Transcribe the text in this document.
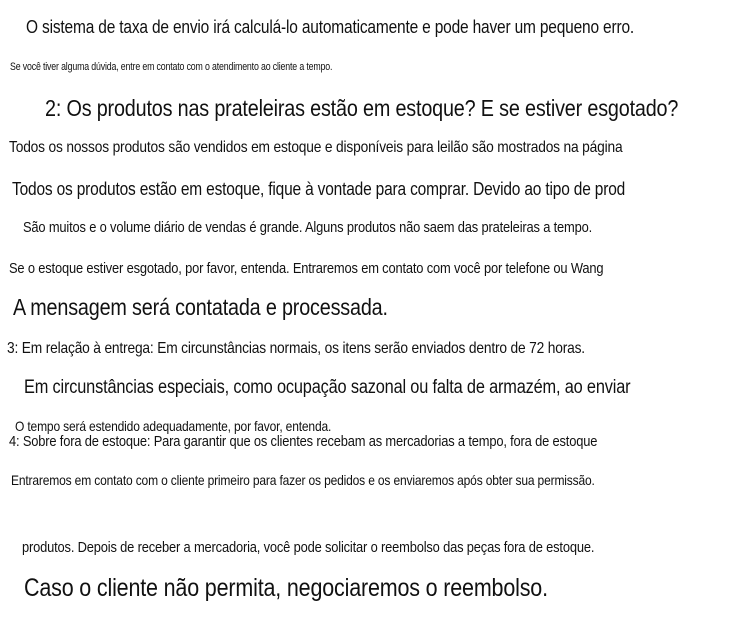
O sistema de taxa de envio irá calculá-lo automaticamente e pode haver um pequeno erro.
Se você tiver alguma dúvida, entre em contato com o atendimento ao cliente a tempo.
2: Os produtos nas prateleiras estão em estoque? E se estiver esgotado?
Todos os nossos produtos são vendidos em estoque e disponíveis para leilão são mostrados na página
Todos os produtos estão em estoque, fique à vontade para comprar. Devido ao tipo de prod
São muitos e o volume diário de vendas é grande. Alguns produtos não saem das prateleiras a tempo.
Se o estoque estiver esgotado, por favor, entenda. Entraremos em contato com você por telefone ou Wang
A mensagem será contatada e processada.
3: Em relação à entrega: Em circunstâncias normais, os itens serão enviados dentro de 72 horas.
Em circunstâncias especiais, como ocupação sazonal ou falta de armazém, ao enviar
O tempo será estendido adequadamente, por favor, entenda.
4: Sobre fora de estoque: Para garantir que os clientes recebam as mercadorias a tempo, fora de estoque
Entraremos em contato com o cliente primeiro para fazer os pedidos e os enviaremos após obter sua permissão.
produtos. Depois de receber a mercadoria, você pode solicitar o reembolso das peças fora de estoque.
Caso o cliente não permita, negociaremos o reembolso.
